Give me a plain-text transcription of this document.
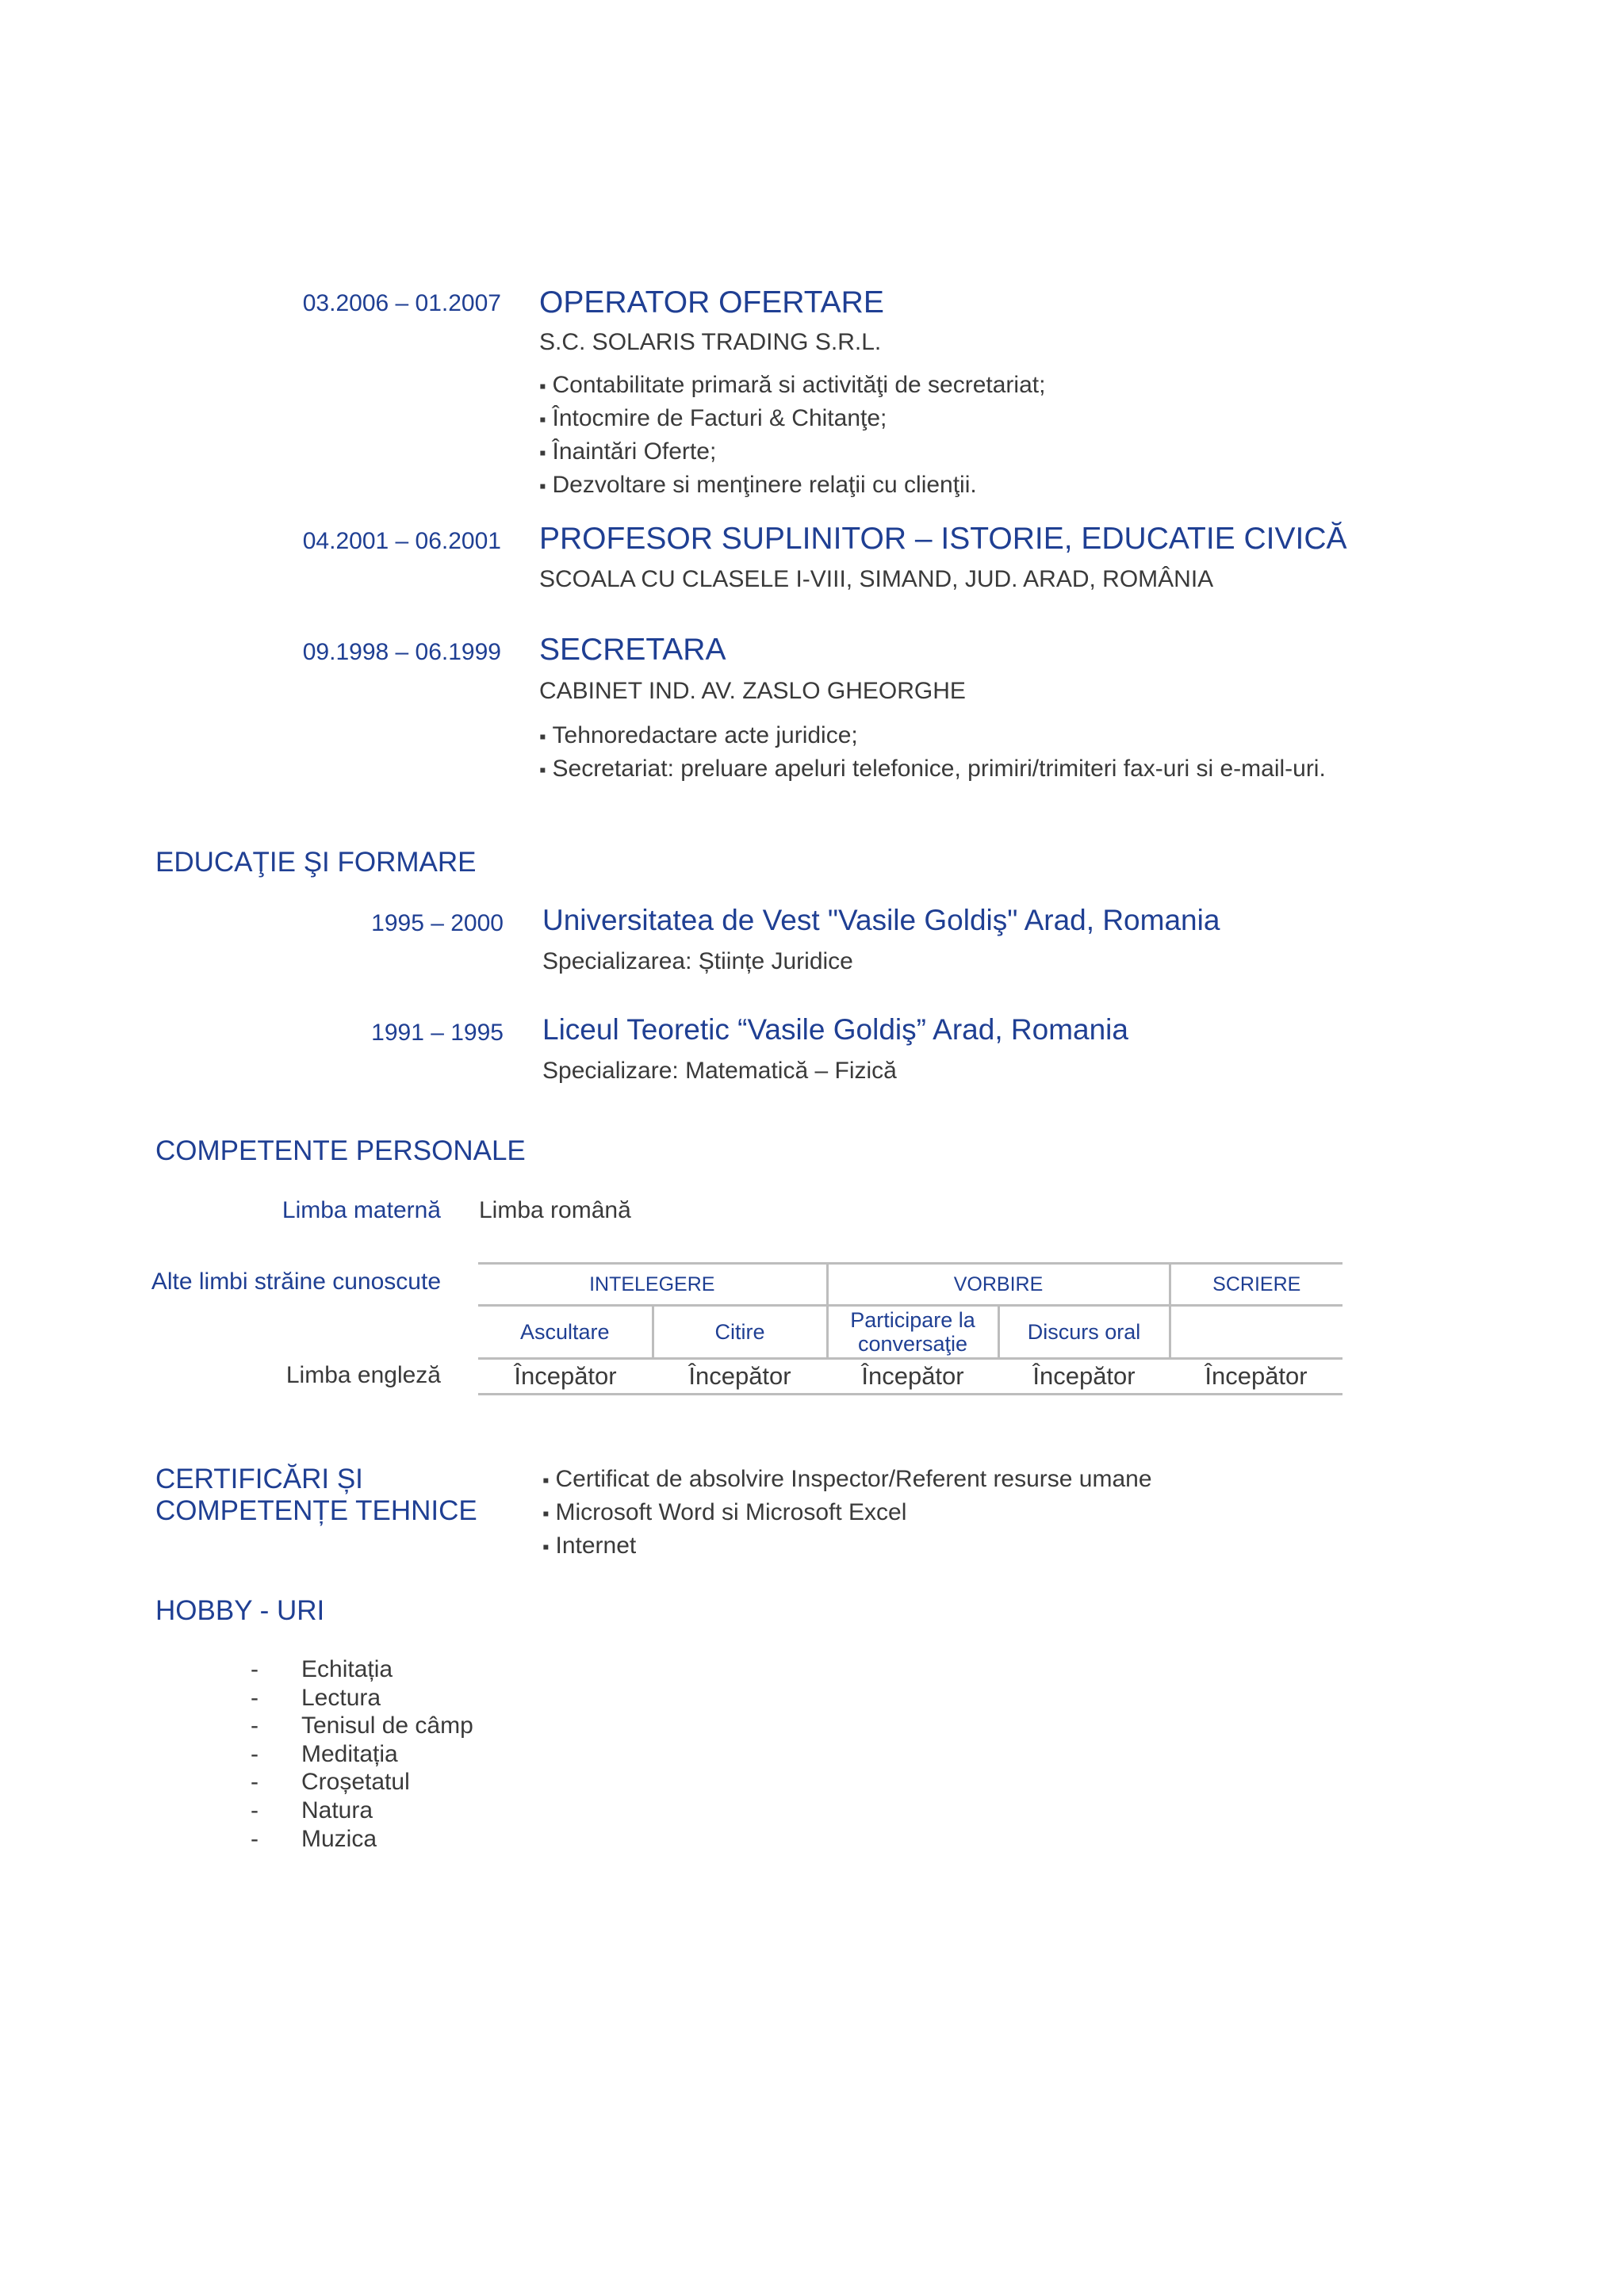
03.2006 – 01.2007 OPERATOR OFERTARE
S.C. SOLARIS TRADING S.R.L.
▪ Contabilitate primară si activităţi de secretariat;
▪ Întocmire de Facturi & Chitanţe;
▪ Înaintări Oferte;
▪ Dezvoltare si menţinere relaţii cu clienţii.
04.2001 – 06.2001 PROFESOR SUPLINITOR – ISTORIE, EDUCATIE CIVICĂ
SCOALA CU CLASELE I-VIII, SIMAND, JUD. ARAD, ROMÂNIA
09.1998 – 06.1999 SECRETARA
CABINET IND. AV. ZASLO GHEORGHE
▪ Tehnoredactare acte juridice;
▪ Secretariat: preluare apeluri telefonice, primiri/trimiteri fax-uri si e-mail-uri.
EDUCAŢIE ŞI FORMARE
1995 – 2000 Universitatea de Vest "Vasile Goldiş" Arad, Romania
Specializarea: Științe Juridice
1991 – 1995 Liceul Teoretic “Vasile Goldiş” Arad, Romania
Specializare: Matematică – Fizică
COMPETENTE PERSONALE
Limba maternă Limba română
Alte limbi străine cunoscute
Limba engleză
INTELEGERE		VORBIRE		SCRIERE
Ascultare	Citire	Participare la conversaţie	Discurs oral	
Începător	Începător	Începător	Începător	Începător
CERTIFICĂRI ȘI
COMPETENȚE TEHNICE
▪ Certificat de absolvire Inspector/Referent resurse umane
▪ Microsoft Word si Microsoft Excel
▪ Internet
HOBBY - URI
- Echitația
- Lectura
- Tenisul de câmp
- Meditația
- Croșetatul
- Natura
- Muzica
